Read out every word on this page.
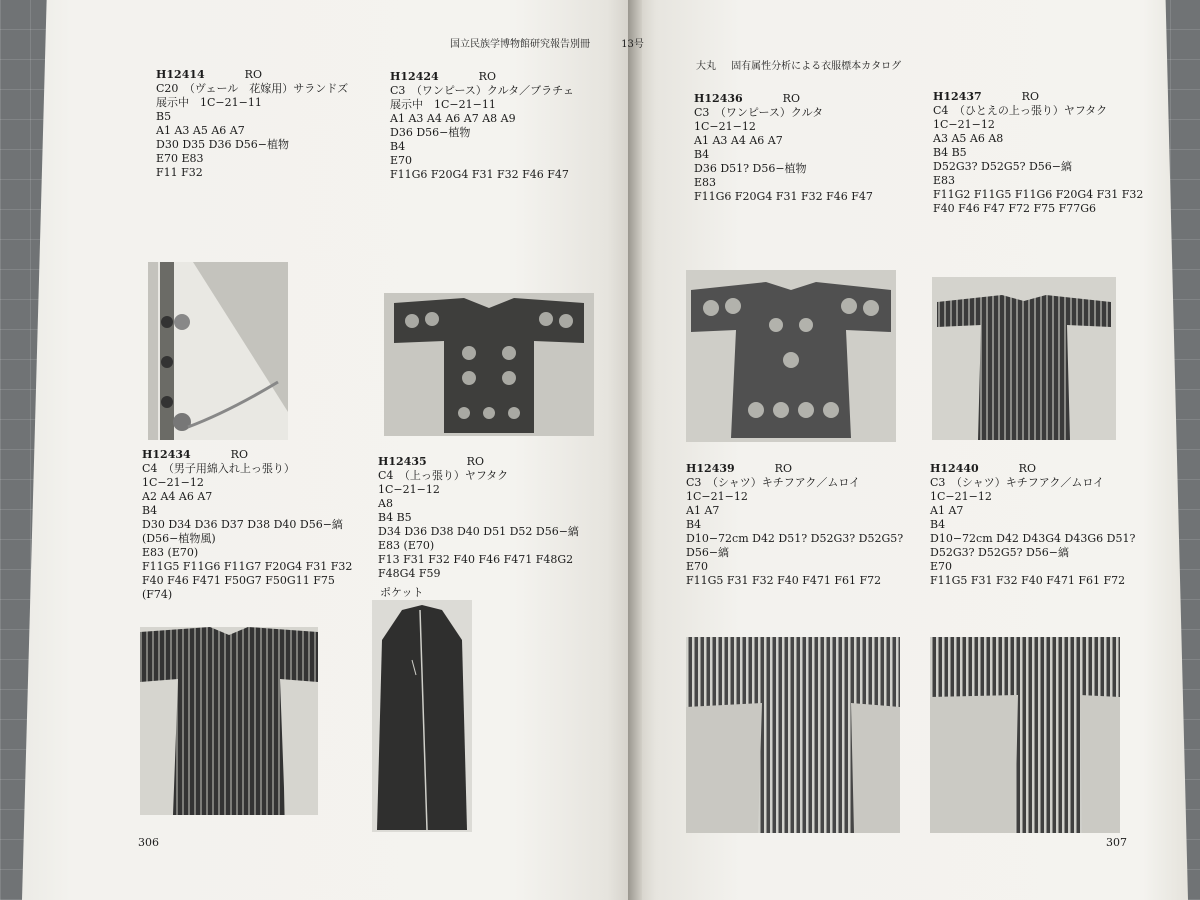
国立民族学博物館研究報告別冊	13号
大丸 固有属性分析による衣服標本カタログ
H12414	RO
C20　（ヴェール　花嫁用）サランドズ
展示中　1C−21−11
B5
A1 A3 A5 A6 A7
D30 D35 D36 D56−植物
E70 E83
F11 F32
H12424	RO
C3　（ワンピース）クルタ／ブラチェ
展示中　1C−21−11
A1 A3 A4 A6 A7 A8 A9
D36 D56−植物
B4
E70
F11G6 F20G4 F31 F32 F46 F47
H12436	RO
C3　（ワンピース）クルタ
1C−21−12
A1 A3 A4 A6 A7
B4
D36 D51? D56−植物
E83
F11G6 F20G4 F31 F32 F46 F47
H12437	RO
C4　（ひとえの上っ張り）ヤフタク
1C−21−12
A3 A5 A6 A8
B4 B5
D52G3? D52G5? D56−縞
E83
F11G2 F11G5 F11G6 F20G4 F31 F32
F40 F46 F47 F72 F75 F77G6
H12434	RO
C4　（男子用綿入れ上っ張り）
1C−21−12
A2 A4 A6 A7
B4
D30 D34 D36 D37 D38 D40 D56−縞
(D56−植物風)
E83 (E70)
F11G5 F11G6 F11G7 F20G4 F31 F32
F40 F46 F471 F50G7 F50G11 F75
(F74)
H12435	RO
C4　（上っ張り）ヤフタク
1C−21−12
A8
B4 B5
D34 D36 D38 D40 D51 D52 D56−縞
E83 (E70)
F13 F31 F32 F40 F46 F471 F48G2
F48G4 F59
H12439	RO
C3　（シャツ）キチフアク／ムロイ
1C−21−12
A1 A7
B4
D10−72cm D42 D51? D52G3? D52G5?
D56−縞
E70
F11G5 F31 F32 F40 F471 F61 F72
H12440	RO
C3　（シャツ）キチフアク／ムロイ
1C−21−12
A1 A7
B4
D10−72cm D42 D43G4 D43G6 D51?
D52G3? D52G5? D56−縞
E70
F11G5 F31 F32 F40 F471 F61 F72
ポケット
306	307
